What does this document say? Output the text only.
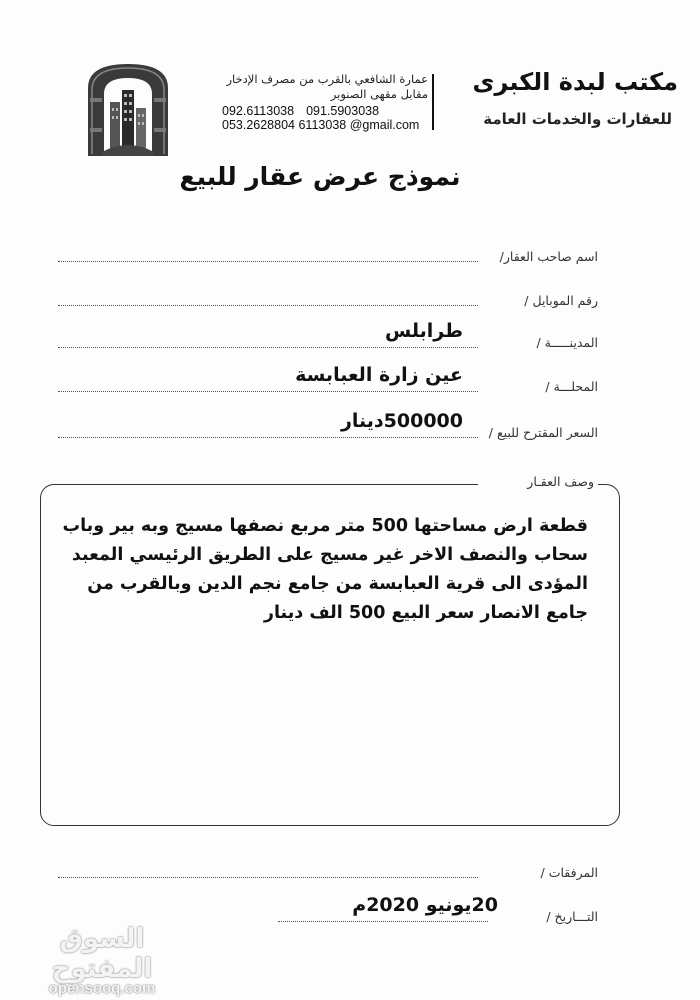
مكتب لبدة الكبرى
للعقارات والخدمات العامة
عمارة الشافعي بالقرب من مصرف الإدخار
مقابل مقهى الصنوبر
092.6113038 091.5903038
053.2628804 6113038 @gmail.com
نموذج عرض عقار للبيع
اسم صاحب العقار/
رقم الموبايل /
المدينـــــة /
طرابلس
المحلـــة /
عين زارة العبابسة
السعر المقترح للبيع /
500000دينار
وصف العقـار
قطعة ارض مساحتها 500 متر مربع نصفها مسيج وبه بير وباب سحاب والنصف الاخر غير مسيج على الطريق الرئيسي المعبد المؤدى الى قرية العبابسة من جامع نجم الدين وبالقرب من جامع الانصار سعر البيع 500 الف دينار
المرفقات /
التـــاريخ /
20يونيو 2020م
السوق المفتوح
opensooq.com
